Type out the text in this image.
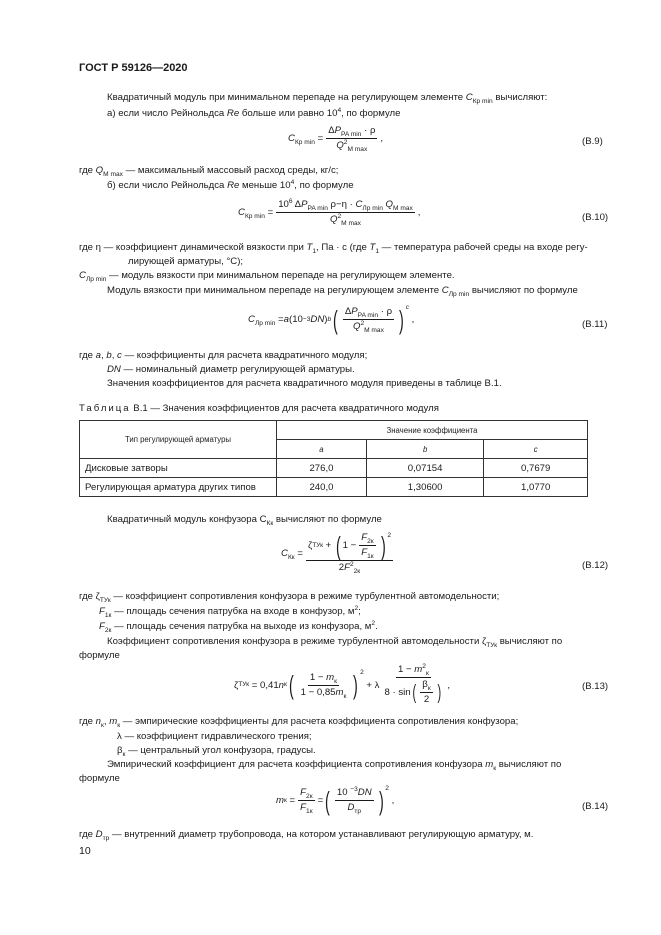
ГОСТ Р 59126—2020
Квадратичный модуль при минимальном перепаде на регулирующем элементе $C_{Кр min}$ вычисляют:
а) если число Рейнольдса Re больше или равно $10^4$, по формуле
$C_{Кр min} = \frac{\Delta P_{PA min} \cdot \rho}{Q^2_{M max}}$ ,	(В.9)
где $Q_{M max}$ — максимальный массовый расход среды, кг/с;
б) если число Рейнольдса Re меньше $10^4$, по формуле
$C_{Кр min} = \frac{10^6 \Delta P_{PA min} \rho-\eta \cdot C_{Лр min} Q_{M max}}{Q^2_{M max}}$ ,	(В.10)
где η — коэффициент динамической вязкости при $T_1$, Па · с (где $T_1$ — температура рабочей среды на входе регу-
лирующей арматуры, °С);
$C_{Лр min}$ — модуль вязкости при минимальном перепаде на регулирующем элементе.
Модуль вязкости при минимальном перепаде на регулирующем элементе $С_{Лр min}$ вычисляют по формуле
$C_{Лр min} = a$ (10 −3 DN ) b ( $\frac{\Delta P_{PA min} \cdot \rho}{Q^2_{M max}}$ ) $^c$
,	(В.11)
где a, b, c — коэффициенты для расчета квадратичного модуля;
DN — номинальный диаметр регулирующей арматуры.
Значения коэффициентов для расчета квадратичного модуля приведены в таблице В.1.
Таблица В.1 — Значения коэффициентов для расчета квадратичного модуля
Тип регулирующей арматуры	Значение коэффициента		
	a	b	c
Дисковые затворы	276,0	0,07154	0,7679
Регулирующая арматура других типов	240,0	1,30600	1,0770
Квадратичный модуль конфузора $С_{Кк}$ вычисляют по формуле
$C_{Кк} = \frac{\zeta ТУк + ( 1 - \frac{F_{2к}}{F_{1к}} ) ^2}{2F^2_{2к}}$	(В.12)
где $\zeta_{ТУк}$ — коэффициент сопротивления конфузора в режиме турбулентной автомодельности;
$F_{1к}$ — площадь сечения патрубка на входе в конфузор, $м^2$;
$F_{2к}$ — площадь сечения патрубка на выходе из конфузора, $м^2$.
Коэффициент сопротивления конфузора в режиме турбулентной автомодельности $\zeta_{ТУк}$ вычисляют по
формуле
ζ ТУк = 0,41 n к ( $\frac{1 - m_к}{1 - 0,85m_к}$ ) $^2$
+ λ $\frac{1 - m^2_к}{8 \cdot \sin( \frac{\beta_к}{2} )}$ ,	(В.13)
где $n_к$, $m_к$ — эмпирические коэффициенты для расчета коэффициента сопротивления конфузора;
λ — коэффициент гидравлического трения;
$\beta_к$ — центральный угол конфузора, градусы.
Эмпирический коэффициент для расчета коэффициента сопротивления конфузора $m_к$ вычисляют по
формуле
m $к = \frac{F_{2к}}{F_{1к}}$ = ( $\frac{10 ^{-3}DN}{D_{тр}}$ ) $^2$
,
(В.14)
где $D_{тр}$ — внутренний диаметр трубопровода, на котором устанавливают регулирующую арматуру, м.
10
